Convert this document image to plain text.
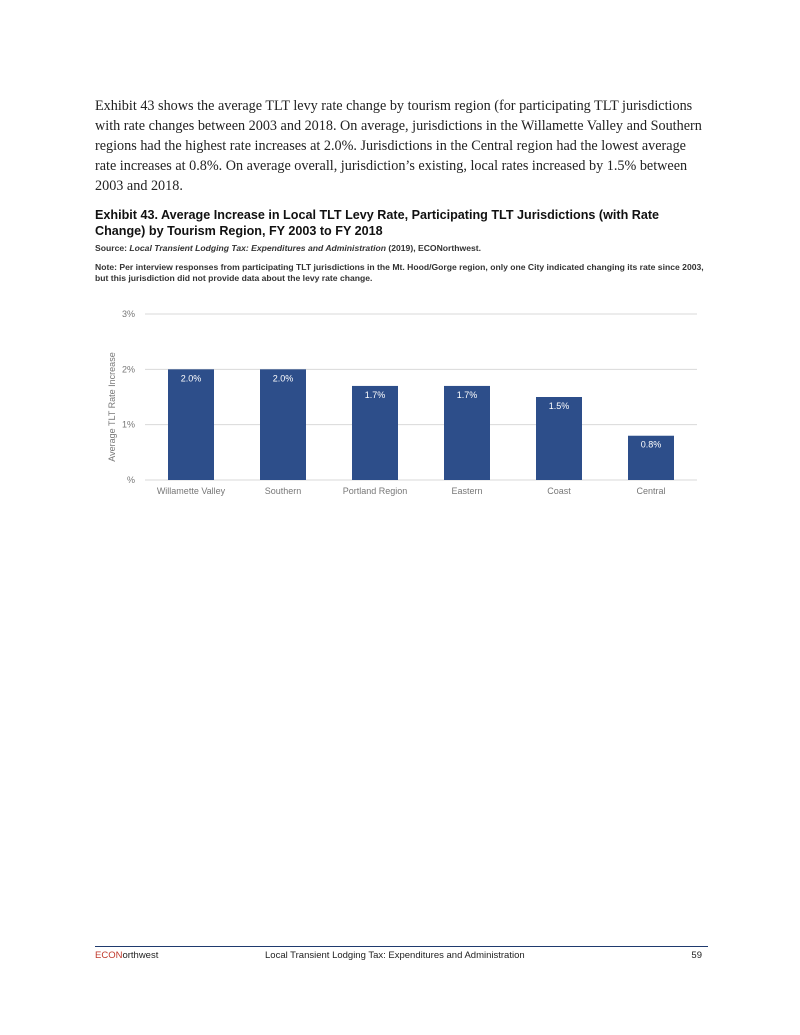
Exhibit 43 shows the average TLT levy rate change by tourism region (for participating TLT jurisdictions with rate changes between 2003 and 2018. On average, jurisdictions in the Willamette Valley and Southern regions had the highest rate increases at 2.0%. Jurisdictions in the Central region had the lowest average rate increases at 0.8%. On average overall, jurisdiction’s existing, local rates increased by 1.5% between 2003 and 2018.

Exhibit 43. Average Increase in Local TLT Levy Rate, Participating TLT Jurisdictions (with Rate Change) by Tourism Region, FY 2003 to FY 2018

Source: Local Transient Lodging Tax: Expenditures and Administration (2019), ECONorthwest.
Note: Per interview responses from participating TLT jurisdictions in the Mt. Hood/Gorge region, only one City indicated changing its rate since 2003, but this jurisdiction did not provide data about the levy rate change.
%
1%
2%
3%
Average TLT Rate Increase	2.0%
Willamette Valley
2.0%
Southern
1.7%
Portland Region
1.7%
Eastern
1.5%
Coast
0.8%
Central
ECONorthwest	Local Transient Lodging Tax: Expenditures and Administration	59
